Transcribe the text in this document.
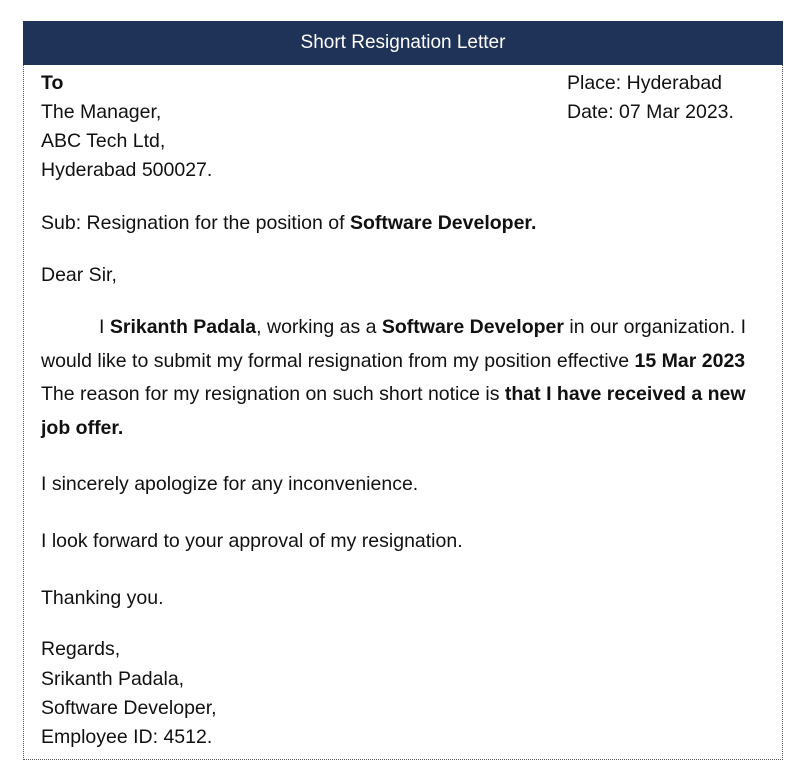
Short Resignation Letter
To
The Manager,
ABC Tech Ltd,
Hyderabad 500027.
Place: Hyderabad
Date: 07 Mar 2023.
Sub: Resignation for the position of Software Developer.
Dear Sir,
I Srikanth Padala, working as a Software Developer in our organization. I would like to submit my formal resignation from my position effective 15 Mar 2023 The reason for my resignation on such short notice is that I have received a new job offer.
I sincerely apologize for any inconvenience.
I look forward to your approval of my resignation.
Thanking you.
Regards,
Srikanth Padala,
Software Developer,
Employee ID: 4512.
